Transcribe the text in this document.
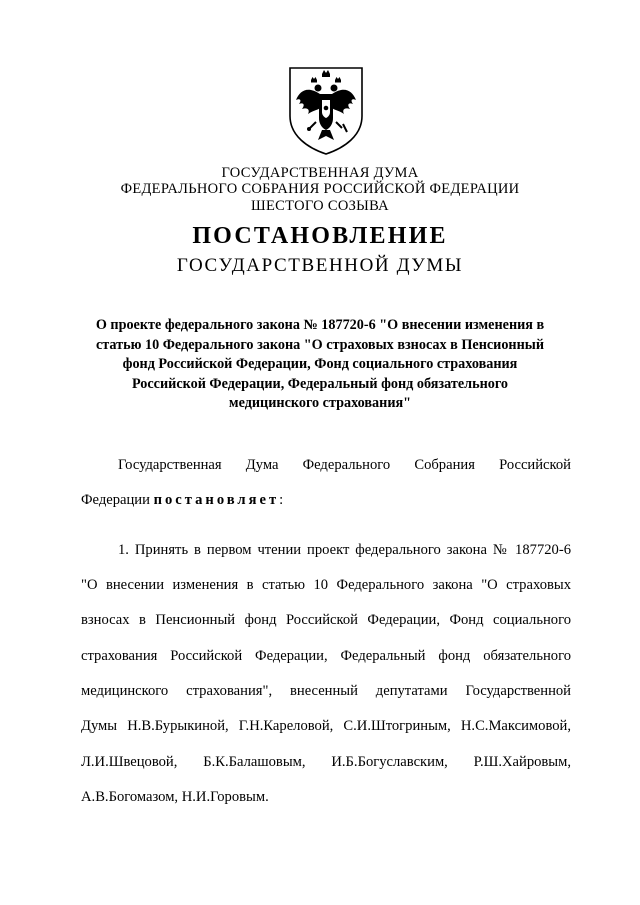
ГОСУДАРСТВЕННАЯ ДУМА
ФЕДЕРАЛЬНОГО СОБРАНИЯ РОССИЙСКОЙ ФЕДЕРАЦИИ
ШЕСТОГО СОЗЫВА
ПОСТАНОВЛЕНИЕ
ГОСУДАРСТВЕННОЙ ДУМЫ
О проекте федерального закона № 187720-6 "О внесении изменения в
статью 10 Федерального закона "О страховых взносах в Пенсионный
фонд Российской Федерации, Фонд социального страхования
Российской Федерации, Федеральный фонд обязательного
медицинского страхования"
Государственная Дума Федерального Собрания Российской
Федерации постановляет:
1. Принять в первом чтении проект федерального закона № 187720-6
"О внесении изменения в статью 10 Федерального закона "О страховых
взносах в Пенсионный фонд Российской Федерации, Фонд социального
страхования Российской Федерации, Федеральный фонд обязательного
медицинского страхования", внесенный депутатами Государственной
Думы Н.В.Бурыкиной, Г.Н.Кареловой, С.И.Штогриным, Н.С.Максимовой,
Л.И.Швецовой, Б.К.Балашовым, И.Б.Богуславским, Р.Ш.Хайровым,
А.В.Богомазом, Н.И.Горовым.
